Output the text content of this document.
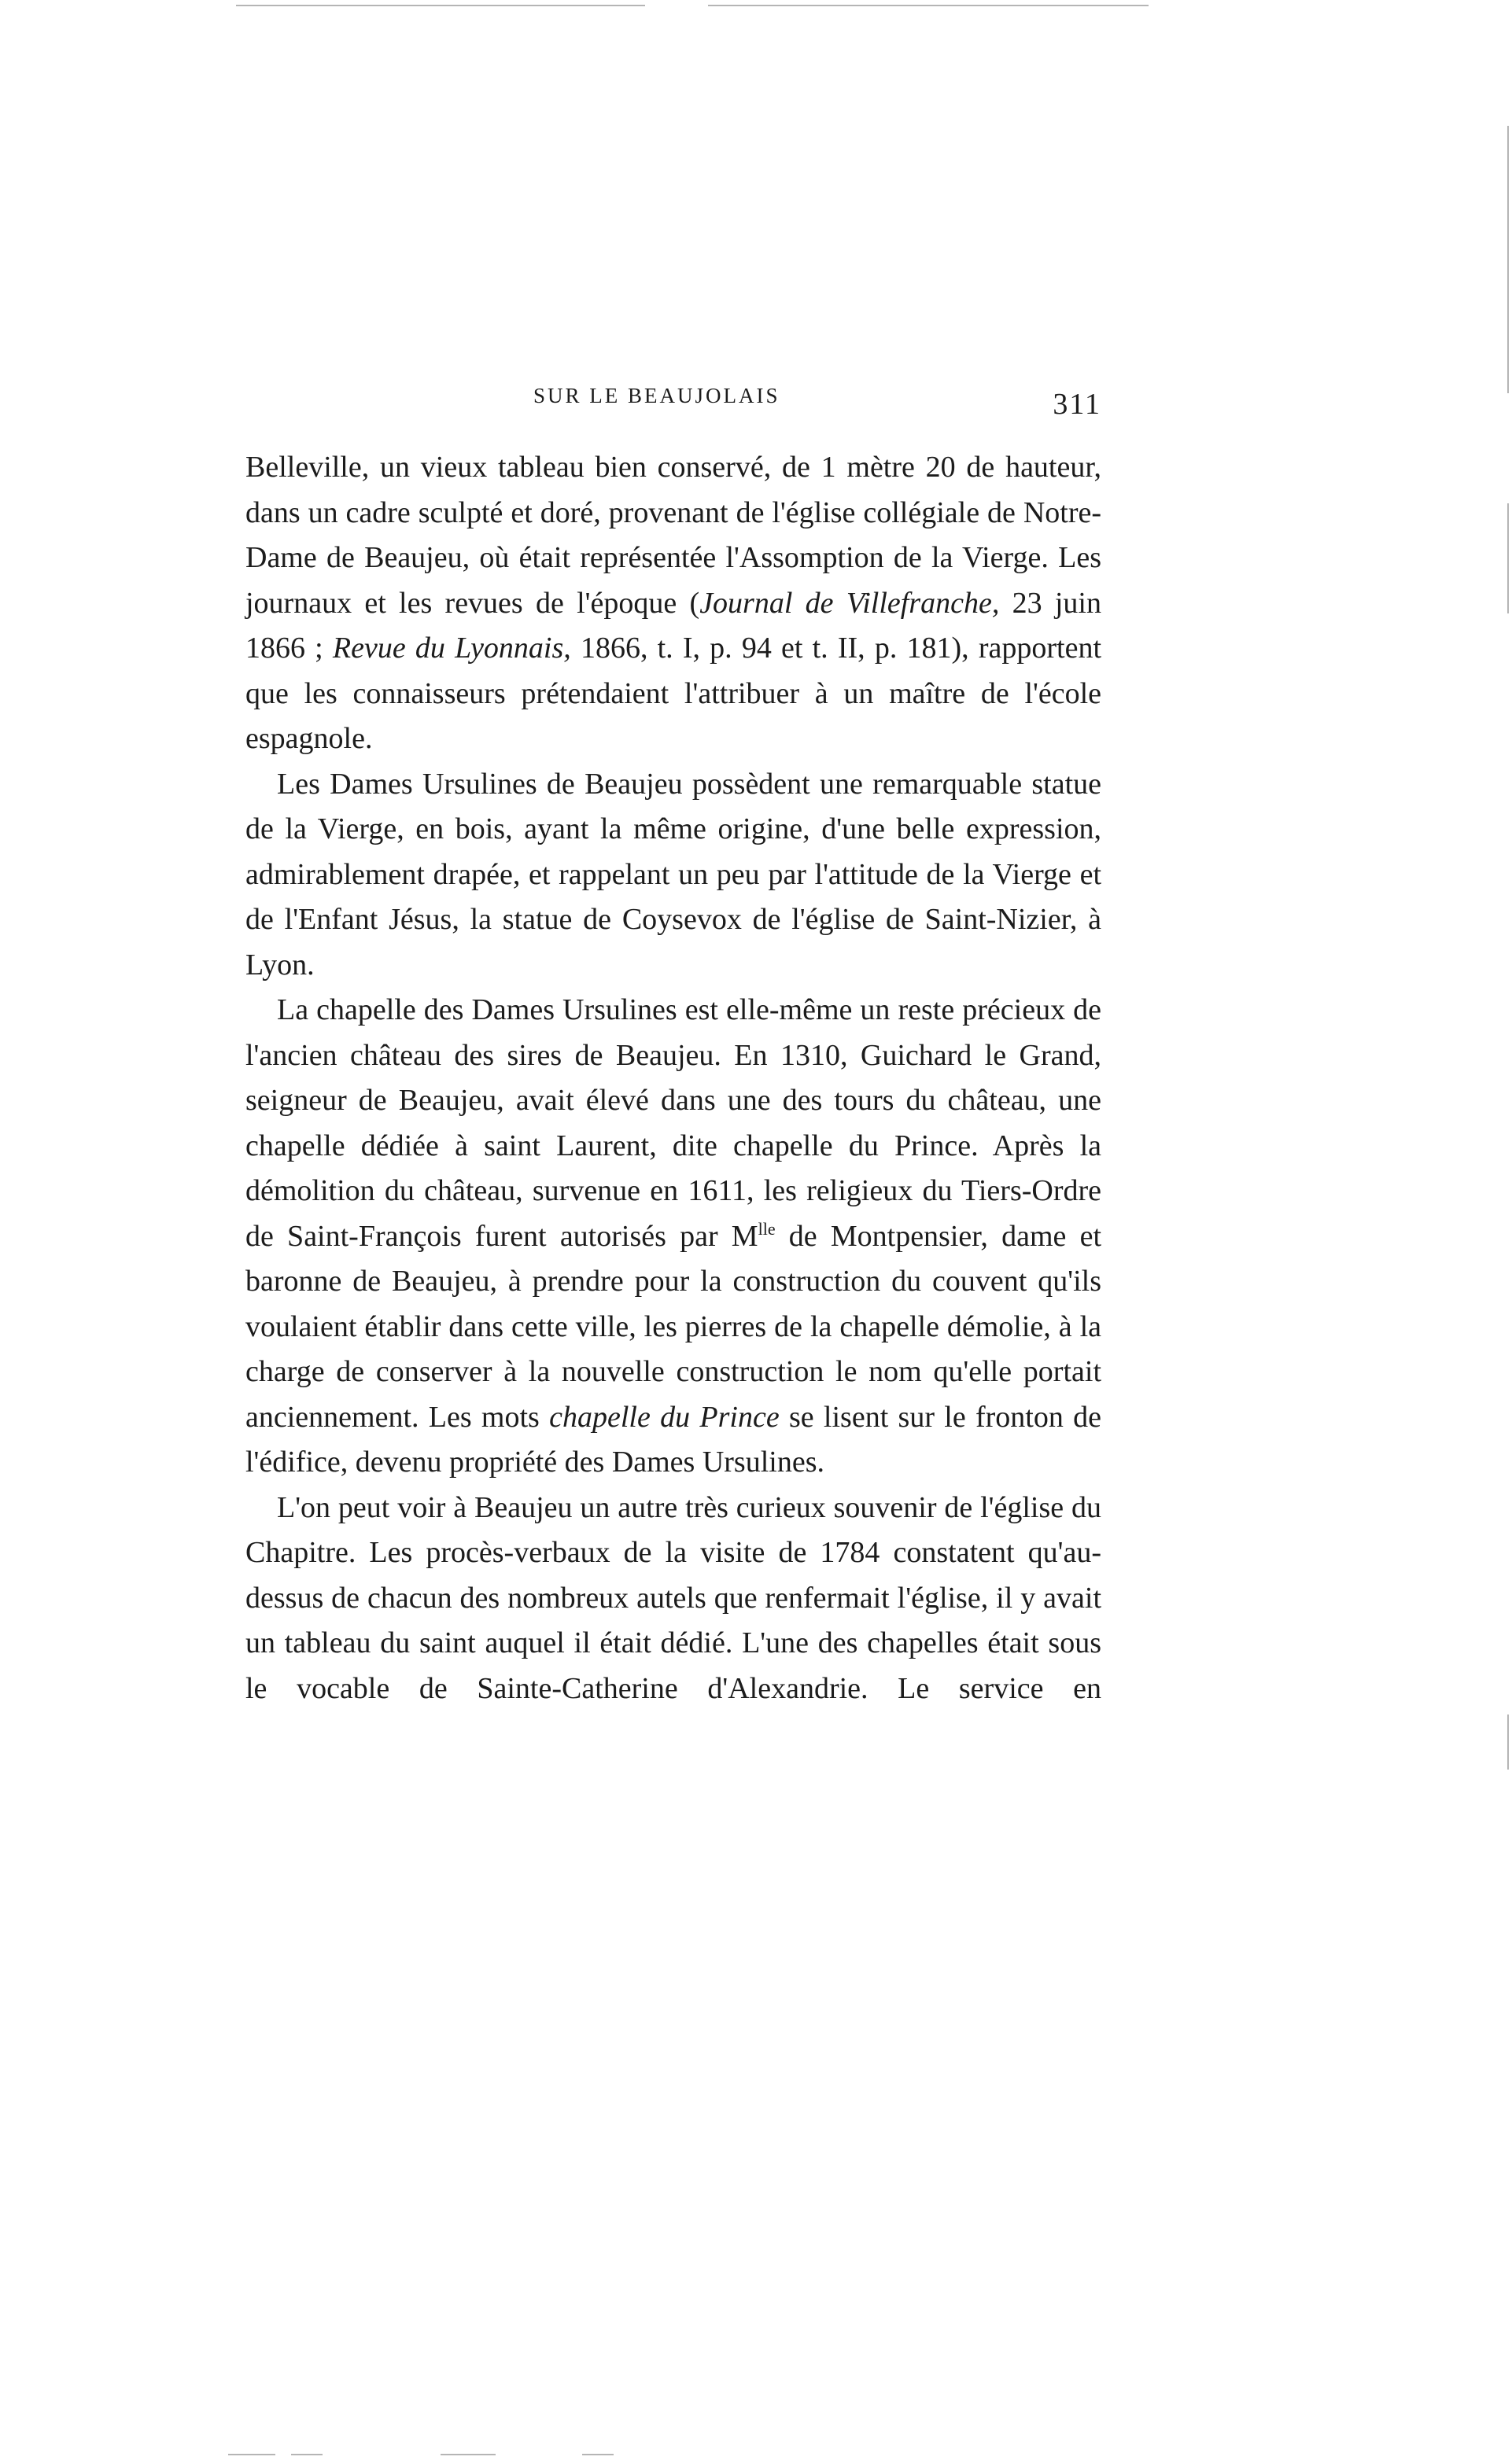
SUR LE BEAUJOLAIS	311

Belleville, un vieux tableau bien conservé, de 1 mètre 20 de hauteur, dans un cadre sculpté et doré, provenant de l'église collégiale de Notre-Dame de Beaujeu, où était représentée l'Assomption de la Vierge. Les journaux et les revues de l'époque (Journal de Villefranche, 23 juin 1866 ; Revue du Lyonnais, 1866, t. I, p. 94 et t. II, p. 181), rapportent que les connaisseurs prétendaient l'attribuer à un maître de l'école espagnole.

Les Dames Ursulines de Beaujeu possèdent une remarquable statue de la Vierge, en bois, ayant la même origine, d'une belle expression, admirablement drapée, et rappelant un peu par l'attitude de la Vierge et de l'Enfant Jésus, la statue de Coysevox de l'église de Saint-Nizier, à Lyon.

La chapelle des Dames Ursulines est elle-même un reste précieux de l'ancien château des sires de Beaujeu. En 1310, Guichard le Grand, seigneur de Beaujeu, avait élevé dans une des tours du château, une chapelle dédiée à saint Laurent, dite chapelle du Prince. Après la démolition du château, survenue en 1611, les religieux du Tiers-Ordre de Saint-François furent autorisés par $M^{lle}$ de Montpensier, dame et baronne de Beaujeu, à prendre pour la construction du couvent qu'ils voulaient établir dans cette ville, les pierres de la chapelle démolie, à la charge de conserver à la nouvelle construction le nom qu'elle portait anciennement. Les mots chapelle du Prince se lisent sur le fronton de l'édifice, devenu propriété des Dames Ursulines.

L'on peut voir à Beaujeu un autre très curieux souvenir de l'église du Chapitre. Les procès-verbaux de la visite de 1784 constatent qu'au-dessus de chacun des nombreux autels que renfermait l'église, il y avait un tableau du saint auquel il était dédié. L'une des chapelles était sous le vocable de Sainte-Catherine d'Alexandrie. Le service en
